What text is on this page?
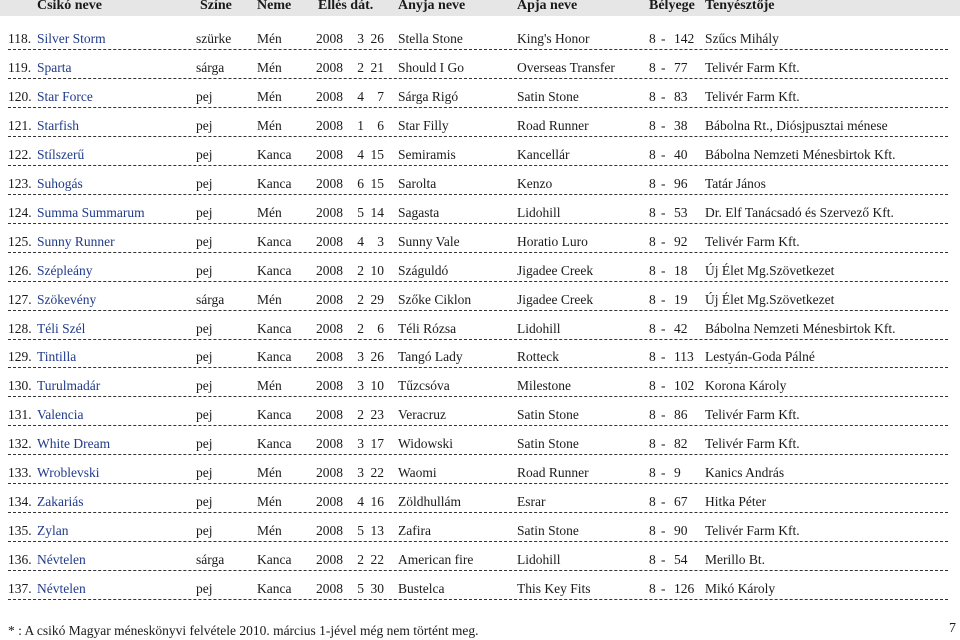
Csikó neve	Színe Neme Ellés dát. Anyja neve	Apja neve	Bélyege Tenyésztője
118. Silver Storm	szürke Mén	2008 3 26 Stella Stone	King's Honor	8 - 142 Szűcs Mihály
119. Sparta	sárga Mén	2008 2 21 Should I Go	Overseas Transfer	8 - 77 Telivér Farm Kft.
120. Star Force	pej	Mén	2008 4 7 Sárga Rigó	Satin Stone	8 - 83 Telivér Farm Kft.
121. Starfish	pej	Mén	2008 1 6 Star Filly	Road Runner	8 - 38 Bábolna Rt., Diósjpusztai ménese
122. Stílszerű	pej	Kanca 2008 4 15 Semiramis	Kancellár	8 - 40 Bábolna Nemzeti Ménesbirtok Kft.
123. Suhogás	pej	Kanca 2008 6 15 Sarolta	Kenzo	8 - 96 Tatár János
124. Summa Summarum	pej	Mén	2008 5 14 Sagasta	Lidohill	8 - 53 Dr. Elf Tanácsadó és Szervező Kft.
125. Sunny Runner	pej	Kanca 2008 4 3 Sunny Vale	Horatio Luro	8 - 92 Telivér Farm Kft.
126. Szépleány	pej	Kanca 2008 2 10 Száguldó	Jigadee Creek	8 - 18 Új Élet Mg.Szövetkezet
127. Szökevény	sárga Mén	2008 2 29 Szőke Ciklon	Jigadee Creek	8 - 19 Új Élet Mg.Szövetkezet
128. Téli Szél	pej	Kanca 2008 2 6 Téli Rózsa	Lidohill	8 - 42 Bábolna Nemzeti Ménesbirtok Kft.
129. Tintilla	pej	Kanca 2008 3 26 Tangó Lady	Rotteck	8 - 113 Lestyán-Goda Pálné
130. Turulmadár	pej	Mén	2008 3 10 Tűzcsóva	Milestone	8 - 102 Korona Károly
131. Valencia	pej	Kanca 2008 2 23 Veracruz	Satin Stone	8 - 86 Telivér Farm Kft.
132. White Dream	pej	Kanca 2008 3 17 Widowski	Satin Stone	8 - 82 Telivér Farm Kft.
133. Wroblevski	pej	Mén	2008 3 22 Waomi	Road Runner	8 - 9 Kanics András
134. Zakariás	pej	Mén	2008 4 16 Zöldhullám	Esrar	8 - 67 Hitka Péter
135. Zylan	pej	Mén	2008 5 13 Zafira	Satin Stone	8 - 90 Telivér Farm Kft.
136. Névtelen	sárga Kanca 2008 2 22 American fire	Lidohill	8 - 54 Merillo Bt.
137. Névtelen	pej	Kanca 2008 5 30 Bustelca	This Key Fits	8 - 126 Mikó Károly
* : A csikó Magyar méneskönyvi felvétele 2010. március 1-jével még nem történt meg.	7
